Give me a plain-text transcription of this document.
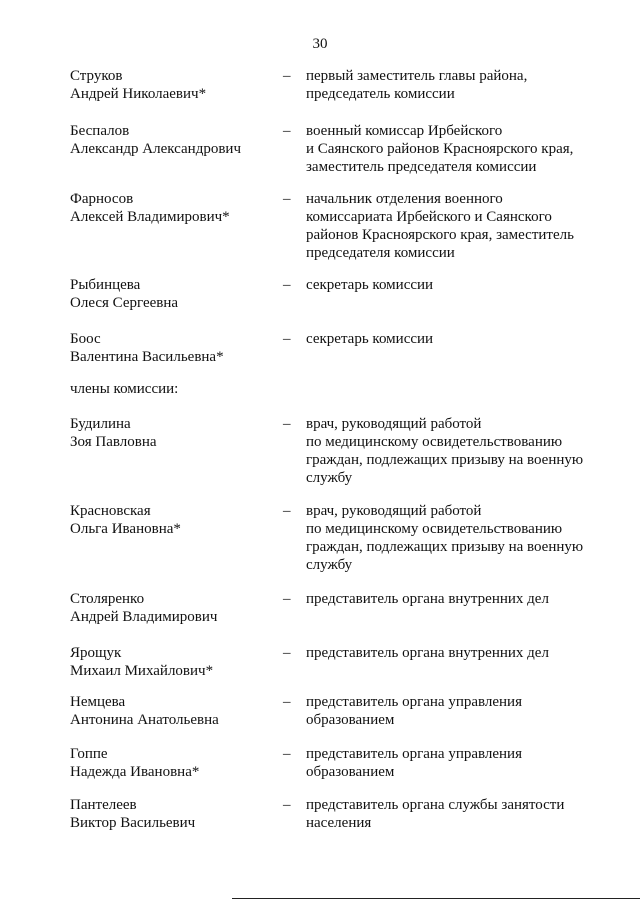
30
члены комиссии:
Струков
Андрей Николаевич*
– первый заместитель главы района,
председатель комиссии
Беспалов
Александр Александрович
– военный комиссар Ирбейского
и Саянского районов Красноярского края,
заместитель председателя комиссии
Фарносов
Алексей Владимирович*
– начальник отделения военного
комиссариата Ирбейского и Саянского
районов Красноярского края, заместитель
председателя комиссии
Рыбинцева
Олеся Сергеевна
– секретарь комиссии
Боос
Валентина Васильевна*
– секретарь комиссии
Будилина
Зоя Павловна
– врач, руководящий работой
по медицинскому освидетельствованию
граждан, подлежащих призыву на военную
службу
Красновская
Ольга Ивановна*
– врач, руководящий работой
по медицинскому освидетельствованию
граждан, подлежащих призыву на военную
службу
Столяренко
Андрей Владимирович
– представитель органа внутренних дел
Ярощук
Михаил Михайлович*
– представитель органа внутренних дел
Немцева
Антонина Анатольевна
– представитель органа управления
образованием
Гоппе
Надежда Ивановна*
– представитель органа управления
образованием
Пантелеев
Виктор Васильевич
– представитель органа службы занятости
населения
